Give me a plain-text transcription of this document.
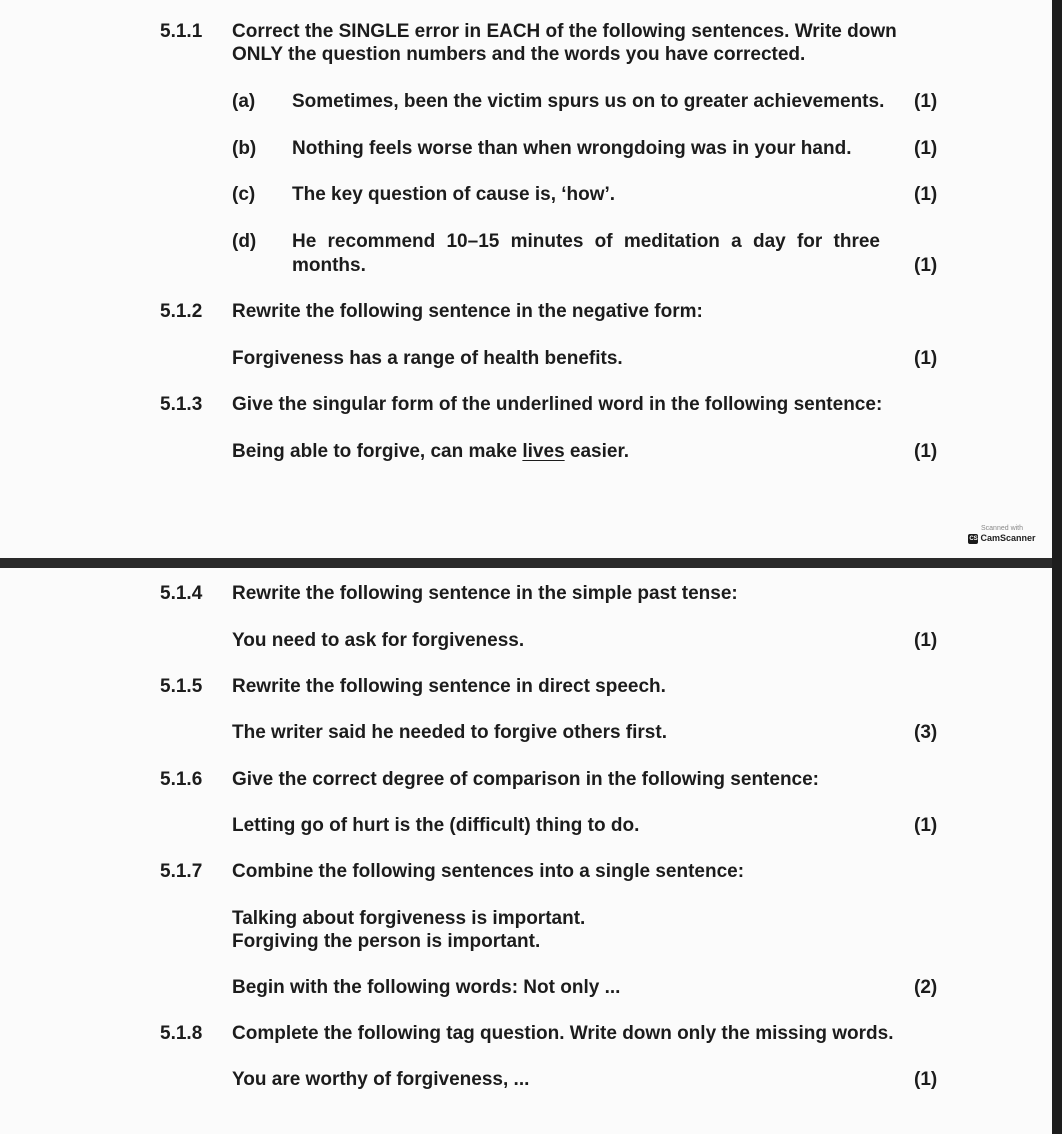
5.1.1 Correct the SINGLE error in EACH of the following sentences. Write down
ONLY the question numbers and the words you have corrected.
(a) Sometimes, been the victim spurs us on to greater achievements. (1)
(b) Nothing feels worse than when wrongdoing was in your hand.	(1)
(c) The key question of cause is, ‘how’.	(1)
(d) He recommend 10–15 minutes of meditation a day for three
months.	(1)
5.1.2 Rewrite the following sentence in the negative form:
Forgiveness has a range of health benefits.	(1)
5.1.3 Give the singular form of the underlined word in the following sentence:
Being able to forgive, can make lives easier.	(1)
Scanned with
CS CamScanner
5.1.4 Rewrite the following sentence in the simple past tense:
You need to ask for forgiveness.	(1)
5.1.5 Rewrite the following sentence in direct speech.
The writer said he needed to forgive others first.	(3)
5.1.6 Give the correct degree of comparison in the following sentence:
Letting go of hurt is the (difficult) thing to do.	(1)
5.1.7 Combine the following sentences into a single sentence:
Talking about forgiveness is important.
Forgiving the person is important.
Begin with the following words: Not only ...	(2)
5.1.8 Complete the following tag question. Write down only the missing words.
You are worthy of forgiveness, ...	(1)
